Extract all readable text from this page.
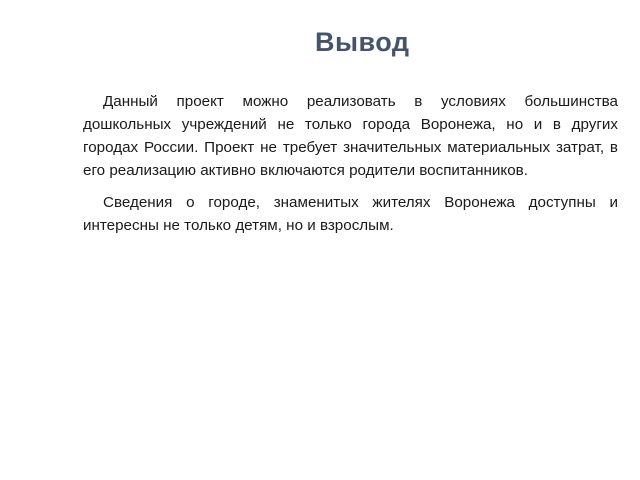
Вывод

Данный проект можно реализовать в условиях большинства дошкольных учреждений не только города Воронежа, но и в других городах России. Проект не требует значительных материальных затрат, в его реализацию активно включаются родители воспитанников.

Сведения о городе, знаменитых жителях Воронежа доступны и интересны не только детям, но и взрослым.
